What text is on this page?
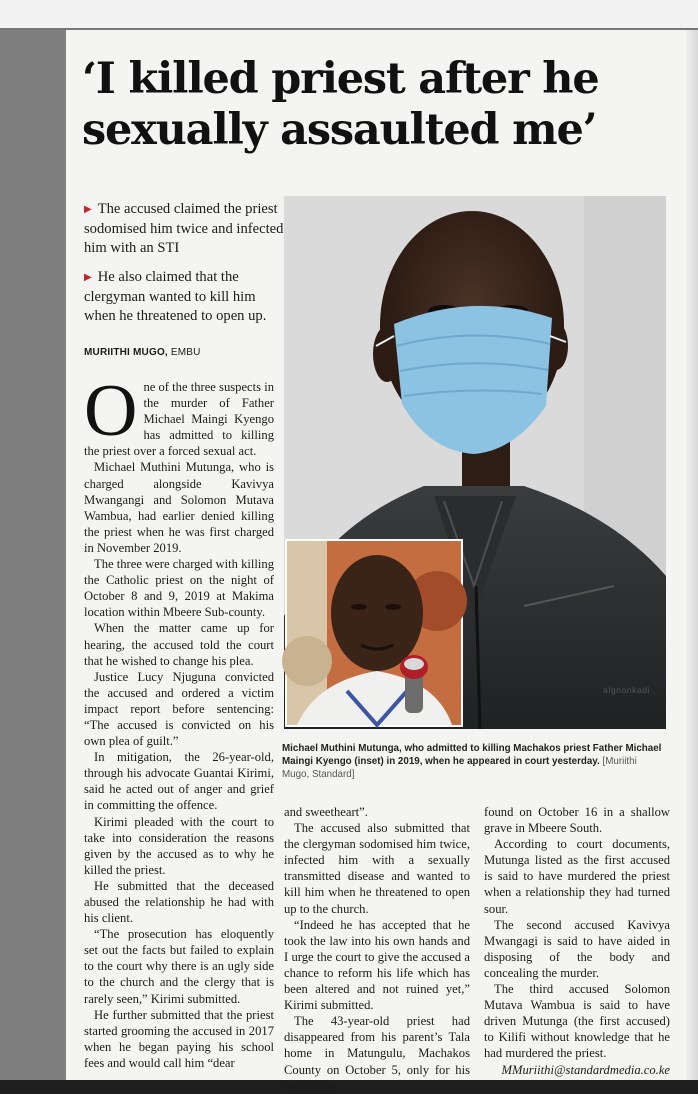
‘I killed priest after he sexually assaulted me’
▶ The accused claimed the priest sodomised him twice and infected him with an STI
▶ He also claimed that the clergyman wanted to kill him when he threatened to open up.
MURIITHI MUGO, EMBU
O ne of the three suspects in the murder of Father Michael Maingi Kyengo has admitted to killing the priest over a forced sexual act.

Michael Muthini Mutunga, who is charged alongside Kavivya Mwangangi and Solomon Mutava Wambua, had earlier denied killing the priest when he was first charged in November 2019.

The three were charged with killing the Catholic priest on the night of October 8 and 9, 2019 at Makima location within Mbeere Sub-county.

When the matter came up for hearing, the accused told the court that he wished to change his plea.

Justice Lucy Njuguna convicted the accused and ordered a victim impact report before sentencing: “The accused is convicted on his own plea of guilt.”

In mitigation, the 26-year-old, through his advocate Guantai Kirimi, said he acted out of anger and grief in committing the offence.

Kirimi pleaded with the court to take into consideration the reasons given by the accused as to why he killed the priest.

He submitted that the deceased abused the relationship he had with his client.

“The prosecution has eloquently set out the facts but failed to explain to the court why there is an ugly side to the church and the clergy that is rarely seen,” Kirimi submitted.

He further submitted that the priest started grooming the accused in 2017 when he began paying his school fees and would call him “dear

algnonkadi
Michael Muthini Mutunga, who admitted to killing Machakos priest Father Michael Maingi Kyengo (inset) in 2019, when he appeared in court yesterday. [Muriithi Mugo, Standard]

and sweetheart”.

The accused also submitted that the clergyman sodomised him twice, infected him with a sexually transmitted disease and wanted to kill him when he threatened to open up to the church.

“Indeed he has accepted that he took the law into his own hands and I urge the court to give the accused a chance to reform his life which has been altered and not ruined yet,” Kirimi submitted.

The 43-year-old priest had disappeared from his parent’s Tala home in Matungulu, Machakos County on October 5, only for his body to be

found on October 16 in a shallow grave in Mbeere South.

According to court documents, Mutunga listed as the first accused is said to have murdered the priest when a relationship they had turned sour.

The second accused Kavivya Mwangagi is said to have aided in disposing of the body and concealing the murder.

The third accused Solomon Mutava Wambua is said to have driven Mutunga (the first accused) to Kilifi without knowledge that he had murdered the priest.

MMuriithi@standardmedia.co.ke
